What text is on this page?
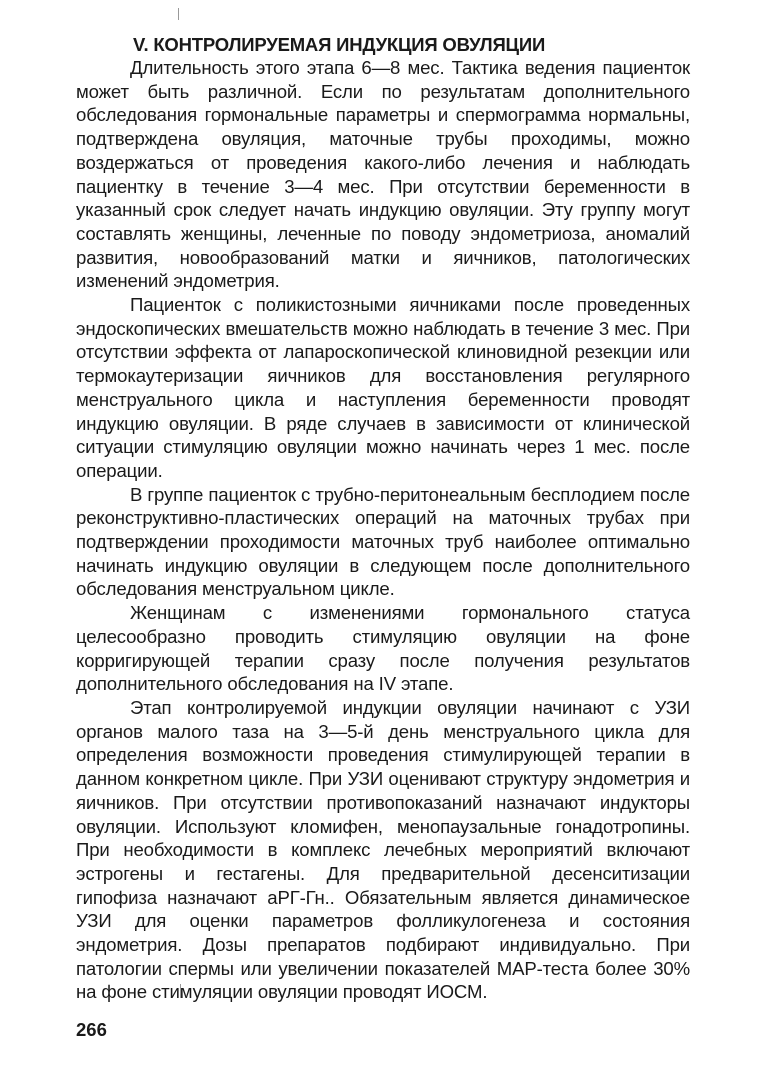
V. КОНТРОЛИРУЕМАЯ ИНДУКЦИЯ ОВУЛЯЦИИ

Длительность этого этапа 6—8 мес. Тактика ведения пациенток может быть различной. Если по результатам дополнительного обследования гормональные параметры и спермограмма нормальны, подтверждена овуляция, маточные трубы проходимы, можно воздержаться от проведения какого-либо лечения и наблюдать пациентку в течение 3—4 мес. При отсутствии беременности в указанный срок следует начать индукцию овуляции. Эту группу могут составлять женщины, леченные по поводу эндометриоза, аномалий развития, новообразований матки и яичников, патологических изменений эндометрия.

Пациенток с поликистозными яичниками после проведенных эндоскопических вмешательств можно наблюдать в течение 3 мес. При отсутствии эффекта от лапароскопической клиновидной резекции или термокаутеризации яичников для восстановления регулярного менструального цикла и наступления беременности проводят индукцию овуляции. В ряде случаев в зависимости от клинической ситуации стимуляцию овуляции можно начинать через 1 мес. после операции.

В группе пациенток с трубно-перитонеальным бесплодием после реконструктивно-пластических операций на маточных трубах при подтверждении проходимости маточных труб наиболее оптимально начинать индукцию овуляции в следующем после дополнительного обследования менструальном цикле.

Женщинам с изменениями гормонального статуса целесообразно проводить стимуляцию овуляции на фоне корригирующей терапии сразу после получения результатов дополнительного обследования на IV этапе.

Этап контролируемой индукции овуляции начинают с УЗИ органов малого таза на 3—5-й день менструального цикла для определения возможности проведения стимулирующей терапии в данном конкретном цикле. При УЗИ оценивают структуру эндометрия и яичников. При отсутствии противопоказаний назначают индукторы овуляции. Используют кломифен, менопаузальные гонадотропины. При необходимости в комплекс лечебных мероприятий включают эстрогены и гестагены. Для предварительной десенситизации гипофиза назначают аРГ-Гн.. Обязательным является динамическое УЗИ для оценки параметров фолликулогенеза и состояния эндометрия. Дозы препаратов подбирают индивидуально. При патологии спермы или увеличении показателей MAP-теста более 30% на фоне стимуляции овуляции проводят ИОСМ.

266
